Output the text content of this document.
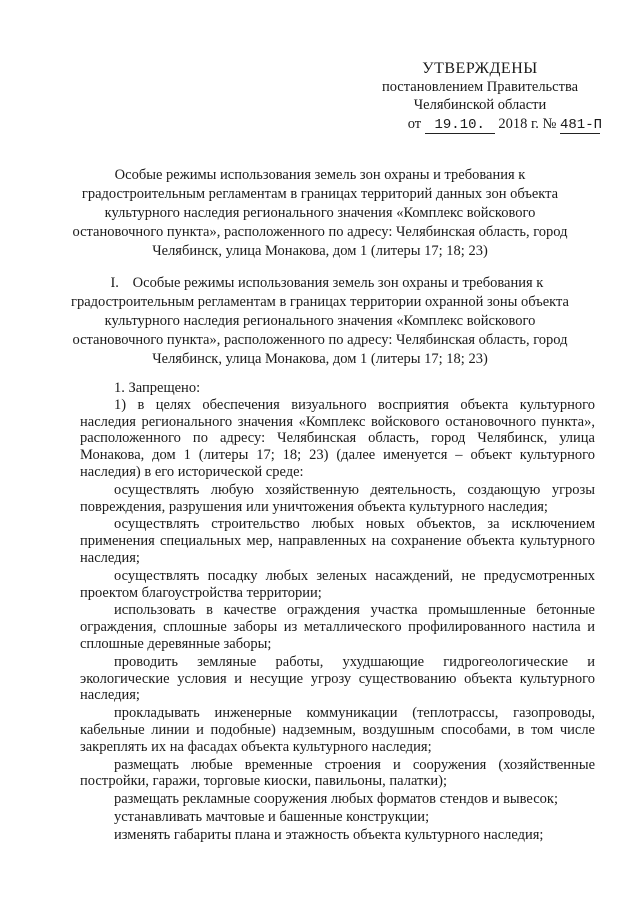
УТВЕРЖДЕНЫ
постановлением Правительства
Челябинской области
от 19.10. 2018 г. № 481-П
Особые режимы использования земель зон охраны и требования к градостроительным регламентам в границах территорий данных зон объекта культурного наследия регионального значения «Комплекс войскового остановочного пункта», расположенного по адресу: Челябинская область, город Челябинск, улица Монакова, дом 1 (литеры 17; 18; 23)
I. Особые режимы использования земель зон охраны и требования к градостроительным регламентам в границах территории охранной зоны объекта культурного наследия регионального значения «Комплекс войскового остановочного пункта», расположенного по адресу: Челябинская область, город Челябинск, улица Монакова, дом 1 (литеры 17; 18; 23)

1. Запрещено:

1) в целях обеспечения визуального восприятия объекта культурного наследия регионального значения «Комплекс войскового остановочного пункта», расположенного по адресу: Челябинская область, город Челябинск, улица Монакова, дом 1 (литеры 17; 18; 23) (далее именуется – объект культурного наследия) в его исторической среде:

осуществлять любую хозяйственную деятельность, создающую угрозы повреждения, разрушения или уничтожения объекта культурного наследия;

осуществлять строительство любых новых объектов, за исключением применения специальных мер, направленных на сохранение объекта культурного наследия;

осуществлять посадку любых зеленых насаждений, не предусмотренных проектом благоустройства территории;

использовать в качестве ограждения участка промышленные бетонные ограждения, сплошные заборы из металлического профилированного настила и сплошные деревянные заборы;

проводить земляные работы, ухудшающие гидрогеологические и экологические условия и несущие угрозу существованию объекта культурного наследия;

прокладывать инженерные коммуникации (теплотрассы, газопроводы, кабельные линии и подобные) надземным, воздушным способами, в том числе закреплять их на фасадах объекта культурного наследия;

размещать любые временные строения и сооружения (хозяйственные постройки, гаражи, торговые киоски, павильоны, палатки);

размещать рекламные сооружения любых форматов стендов и вывесок;

устанавливать мачтовые и башенные конструкции;

изменять габариты плана и этажность объекта культурного наследия;
